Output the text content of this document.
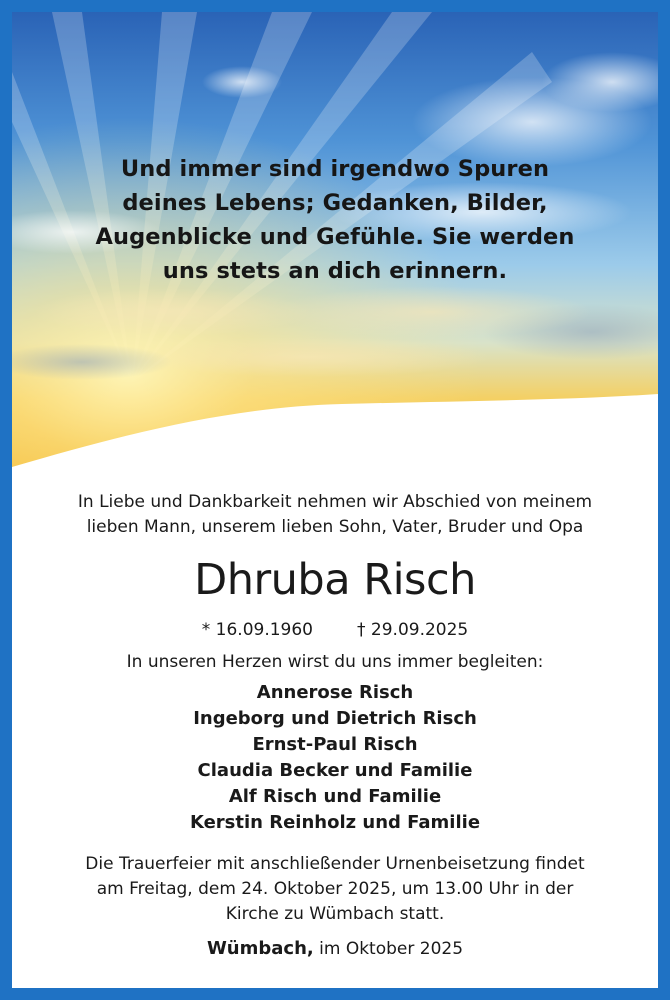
Und immer sind irgendwo Spuren
deines Lebens; Gedanken, Bilder,
Augenblicke und Gefühle. Sie werden
uns stets an dich erinnern.

In Liebe und Dankbarkeit nehmen wir Abschied von meinem
lieben Mann, unserem lieben Sohn, Vater, Bruder und Opa

Dhruba Risch

* 16.09.1960	† 29.09.2025

In unseren Herzen wirst du uns immer begleiten:

Annerose Risch
Ingeborg und Dietrich Risch
Ernst-Paul Risch
Claudia Becker und Familie
Alf Risch und Familie
Kerstin Reinholz und Familie

Die Trauerfeier mit anschließender Urnenbeisetzung findet
am Freitag, dem 24. Oktober 2025, um 13.00 Uhr in der
Kirche zu Wümbach statt.

Wümbach, im Oktober 2025
